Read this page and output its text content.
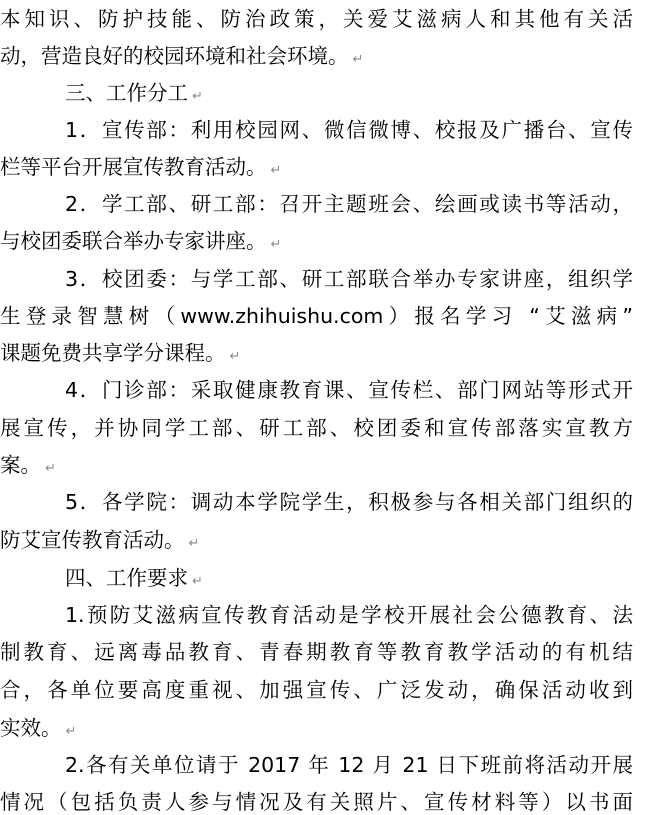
本知识、防护技能、防治政策，关爱艾滋病人和其他有关活
动，营造良好的校园环境和社会环境。 ↵
三、工作分工 ↵
1．宣传部：利用校园网、微信微博、校报及广播台、宣传
栏等平台开展宣传教育活动。 ↵
2．学工部、研工部：召开主题班会、绘画或读书等活动，
与校团委联合举办专家讲座。 ↵
3．校团委：与学工部、研工部联合举办专家讲座，组织学
生登录智慧树（www.zhihuishu.com）报名学习 “艾滋病”
课题免费共享学分课程。 ↵
4．门诊部：采取健康教育课、宣传栏、部门网站等形式开
展宣传，并协同学工部、研工部、校团委和宣传部落实宣教方
案。 ↵
5．各学院：调动本学院学生，积极参与各相关部门组织的
防艾宣传教育活动。 ↵
四、工作要求 ↵
1.预防艾滋病宣传教育活动是学校开展社会公德教育、法
制教育、远离毒品教育、青春期教育等教育教学活动的有机结
合，各单位要高度重视、加强宣传、广泛发动，确保活动收到
实效。 ↵
2.各有关单位请于 2017 年 12 月 21 日下班前将活动开展
情况（包括负责人参与情况及有关照片、宣传材料等）以书面
